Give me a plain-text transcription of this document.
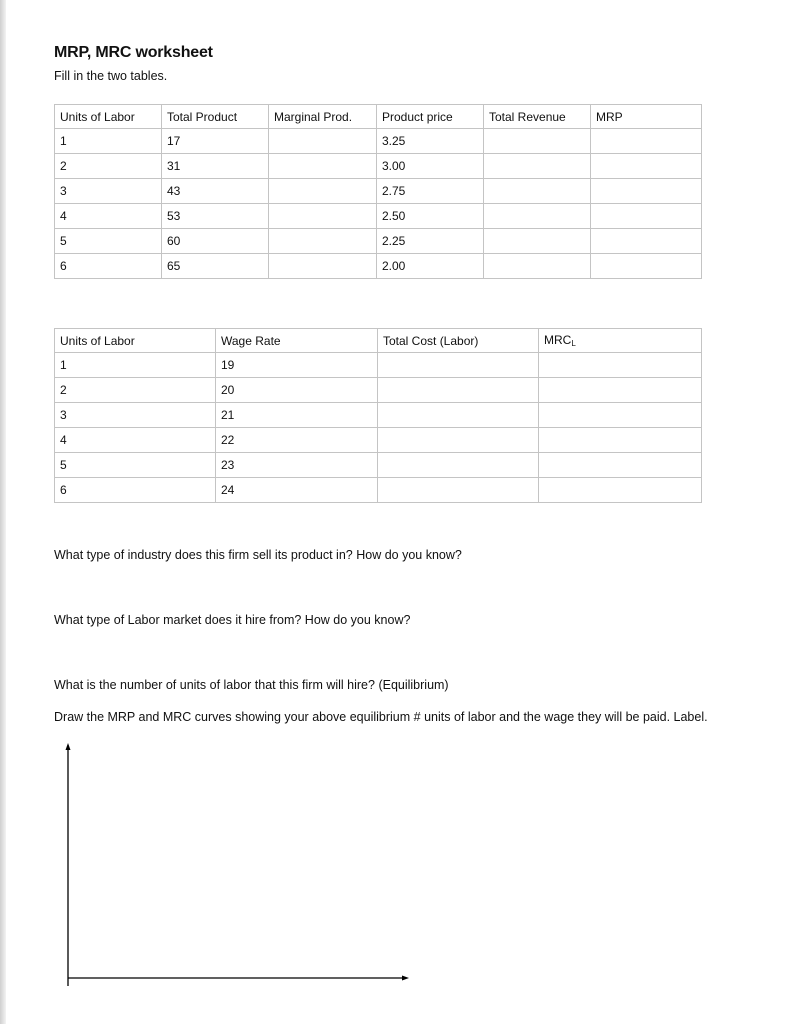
MRP, MRC worksheet
Fill in the two tables.
Units of Labor	Total Product	Marginal Prod.	Product price	Total Revenue	MRP
1	17		3.25		
2	31		3.00		
3	43		2.75		
4	53		2.50		
5	60		2.25		
6	65		2.00		
Units of Labor	Wage Rate	Total Cost (Labor)	$MRC_L$
1	19		
2	20		
3	21		
4	22		
5	23		
6	24		
What type of industry does this firm sell its product in? How do you know?
What type of Labor market does it hire from? How do you know?
What is the number of units of labor that this firm will hire? (Equilibrium)
Draw the MRP and MRC curves showing your above equilibrium # units of labor and the wage they will be paid. Label.
